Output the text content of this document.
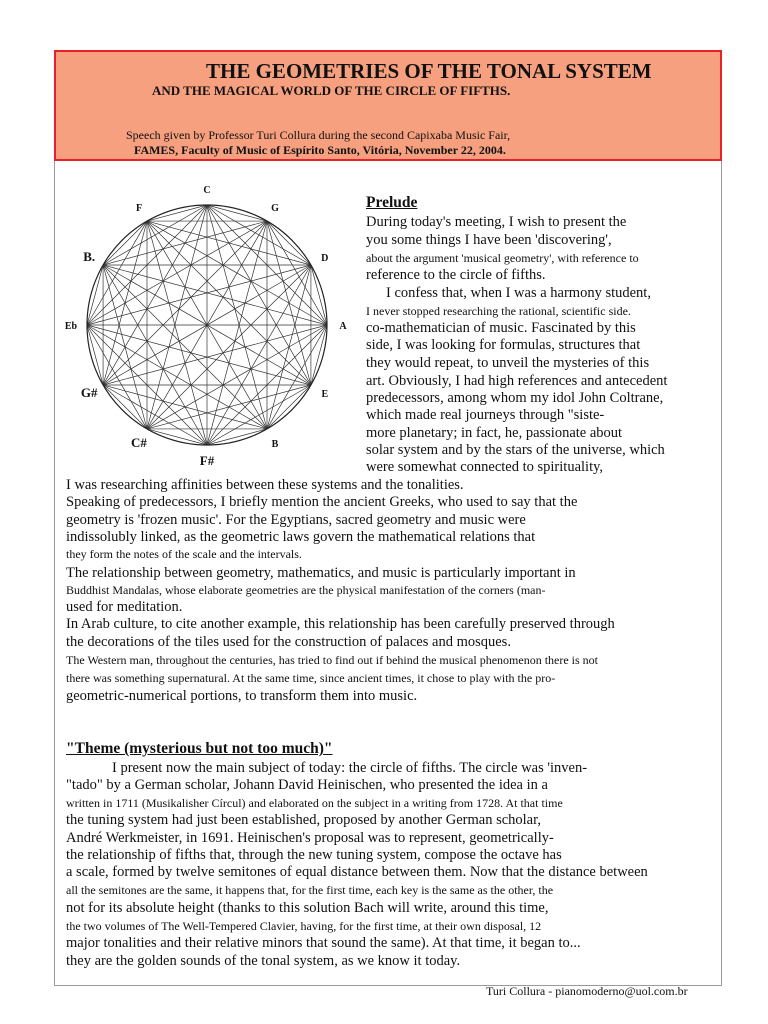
THE GEOMETRIES OF THE TONAL SYSTEM
AND THE MAGICAL WORLD OF THE CIRCLE OF FIFTHS.
Speech given by Professor Turi Collura during the second Capixaba Music Fair,
FAMES, Faculty of Music of Espírito Santo, Vitória, November 22, 2004.
C
G
D
A
E
B
F#
C#
G#
Eb
B.
F	Prelude
During today's meeting, I wish to present the
you some things I have been 'discovering',
about the argument 'musical geometry', with reference to
reference to the circle of fifths.
I confess that, when I was a harmony student,
I never stopped researching the rational, scientific side.
co-mathematician of music. Fascinated by this
side, I was looking for formulas, structures that
they would repeat, to unveil the mysteries of this
art. Obviously, I had high references and antecedent
predecessors, among whom my idol John Coltrane,
which made real journeys through "siste-
more planetary; in fact, he, passionate about
solar system and by the stars of the universe, which
were somewhat connected to spirituality,
I was researching affinities between these systems and the tonalities.
Speaking of predecessors, I briefly mention the ancient Greeks, who used to say that the
geometry is 'frozen music'. For the Egyptians, sacred geometry and music were
indissolubly linked, as the geometric laws govern the mathematical relations that
they form the notes of the scale and the intervals.
The relationship between geometry, mathematics, and music is particularly important in
Buddhist Mandalas, whose elaborate geometries are the physical manifestation of the corners (man-
used for meditation.
In Arab culture, to cite another example, this relationship has been carefully preserved through
the decorations of the tiles used for the construction of palaces and mosques.
The Western man, throughout the centuries, has tried to find out if behind the musical phenomenon there is not
there was something supernatural. At the same time, since ancient times, it chose to play with the pro-
geometric-numerical portions, to transform them into music.
"Theme (mysterious but not too much)"
I present now the main subject of today: the circle of fifths. The circle was 'inven-
"tado" by a German scholar, Johann David Heinischen, who presented the idea in a
written in 1711 (Musikalisher Círcul) and elaborated on the subject in a writing from 1728. At that time
the tuning system had just been established, proposed by another German scholar,
André Werkmeister, in 1691. Heinischen's proposal was to represent, geometrically-
the relationship of fifths that, through the new tuning system, compose the octave has
a scale, formed by twelve semitones of equal distance between them. Now that the distance between
all the semitones are the same, it happens that, for the first time, each key is the same as the other, the
not for its absolute height (thanks to this solution Bach will write, around this time,
the two volumes of The Well-Tempered Clavier, having, for the first time, at their own disposal, 12
major tonalities and their relative minors that sound the same). At that time, it began to...
they are the golden sounds of the tonal system, as we know it today.
Turi Collura - pianomoderno@uol.com.br
